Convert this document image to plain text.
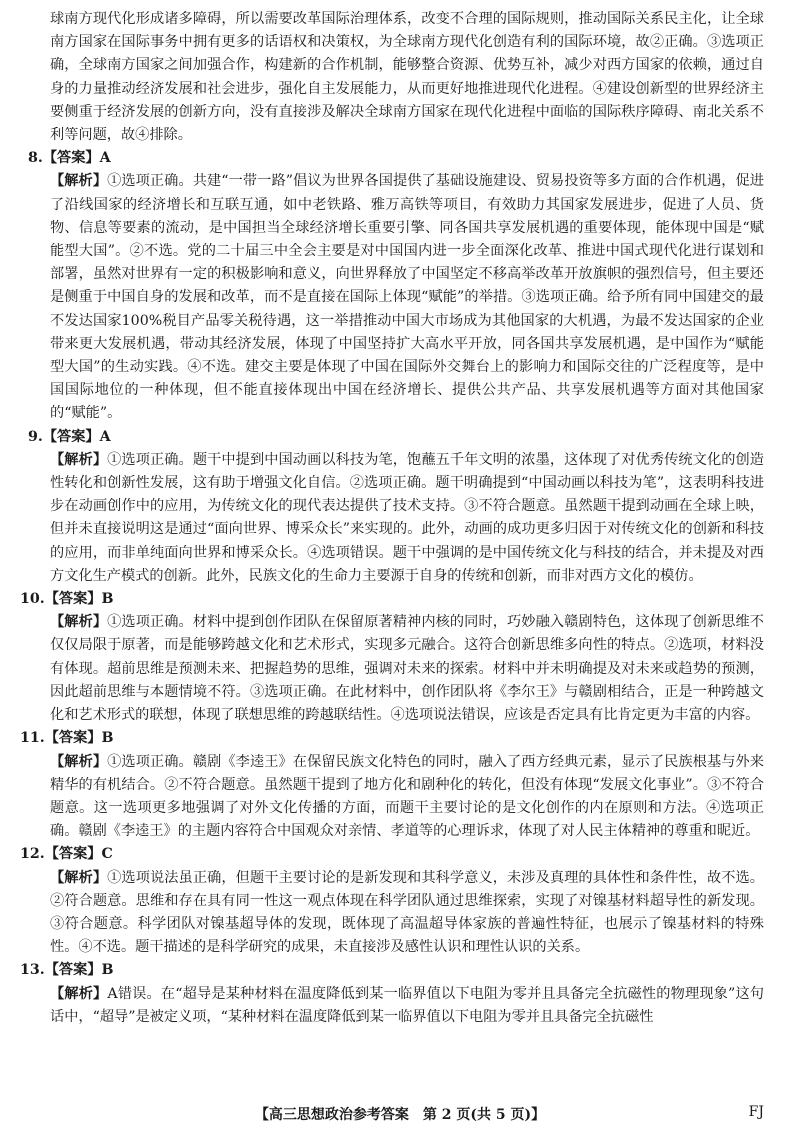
球南方现代化形成诸多障碍，所以需要改革国际治理体系，改变不合理的国际规则，推动国际关系民主化，让全球南方国家在国际事务中拥有更多的话语权和决策权，为全球南方现代化创造有利的国际环境，故②正确。③选项正确，全球南方国家之间加强合作，构建新的合作机制，能够整合资源、优势互补，减少对西方国家的依赖，通过自身的力量推动经济发展和社会进步，强化自主发展能力，从而更好地推进现代化进程。④建设创新型的世界经济主要侧重于经济发展的创新方向，没有直接涉及解决全球南方国家在现代化进程中面临的国际秩序障碍、南北关系不利等问题，故④排除。

8.【答案】A

【解析】①选项正确。共建“一带一路”倡议为世界各国提供了基础设施建设、贸易投资等多方面的合作机遇，促进了沿线国家的经济增长和互联互通，如中老铁路、雅万高铁等项目，有效助力其国家发展进步，促进了人员、货物、信息等要素的流动，是中国担当全球经济增长重要引擎、同各国共享发展机遇的重要体现，能体现中国是“赋能型大国”。②不选。党的二十届三中全会主要是对中国国内进一步全面深化改革、推进中国式现代化进行谋划和部署，虽然对世界有一定的积极影响和意义，向世界释放了中国坚定不移高举改革开放旗帜的强烈信号，但主要还是侧重于中国自身的发展和改革，而不是直接在国际上体现“赋能”的举措。③选项正确。给予所有同中国建交的最不发达国家100%税目产品零关税待遇，这一举措推动中国大市场成为其他国家的大机遇，为最不发达国家的企业带来更大发展机遇，带动其经济发展，体现了中国坚持扩大高水平开放，同各国共享发展机遇，是中国作为“赋能型大国”的生动实践。④不选。建交主要是体现了中国在国际外交舞台上的影响力和国际交往的广泛程度等，是中国国际地位的一种体现，但不能直接体现出中国在经济增长、提供公共产品、共享发展机遇等方面对其他国家的“赋能”。

9.【答案】A

【解析】①选项正确。题干中提到中国动画以科技为笔，饱蘸五千年文明的浓墨，这体现了对优秀传统文化的创造性转化和创新性发展，这有助于增强文化自信。②选项正确。题干明确提到“中国动画以科技为笔”，这表明科技进步在动画创作中的应用，为传统文化的现代表达提供了技术支持。③不符合题意。虽然题干提到动画在全球上映，但并未直接说明这是通过“面向世界、博采众长”来实现的。此外，动画的成功更多归因于对传统文化的创新和科技的应用，而非单纯面向世界和博采众长。④选项错误。题干中强调的是中国传统文化与科技的结合，并未提及对西方文化生产模式的创新。此外，民族文化的生命力主要源于自身的传统和创新，而非对西方文化的模仿。

10.【答案】B

【解析】①选项正确。材料中提到创作团队在保留原著精神内核的同时，巧妙融入赣剧特色，这体现了创新思维不仅仅局限于原著，而是能够跨越文化和艺术形式，实现多元融合。这符合创新思维多向性的特点。②选项，材料没有体现。超前思维是预测未来、把握趋势的思维，强调对未来的探索。材料中并未明确提及对未来或趋势的预测，因此超前思维与本题情境不符。③选项正确。在此材料中，创作团队将《李尔王》与赣剧相结合，正是一种跨越文化和艺术形式的联想，体现了联想思维的跨越联结性。④选项说法错误，应该是否定具有比肯定更为丰富的内容。

11.【答案】B

【解析】①选项正确。赣剧《李逵王》在保留民族文化特色的同时，融入了西方经典元素，显示了民族根基与外来精华的有机结合。②不符合题意。虽然题干提到了地方化和剧种化的转化，但没有体现“发展文化事业”。③不符合题意。这一选项更多地强调了对外文化传播的方面，而题干主要讨论的是文化创作的内在原则和方法。④选项正确。赣剧《李逵王》的主题内容符合中国观众对亲情、孝道等的心理诉求，体现了对人民主体精神的尊重和昵近。

12.【答案】C

【解析】①选项说法虽正确，但题干主要讨论的是新发现和其科学意义，未涉及真理的具体性和条件性，故不选。②符合题意。思维和存在具有同一性这一观点体现在科学团队通过思维探索，实现了对镍基材料超导性的新发现。③符合题意。科学团队对镍基超导体的发现，既体现了高温超导体家族的普遍性特征，也展示了镍基材料的特殊性。④不选。题干描述的是科学研究的成果，未直接涉及感性认识和理性认识的关系。

13.【答案】B

【解析】A错误。在“超导是某种材料在温度降低到某一临界值以下电阻为零并且具备完全抗磁性的物理现象”这句话中，“超导”是被定义项，“某种材料在温度降低到某一临界值以下电阻为零并且具备完全抗磁性

【高三思想政治参考答案　第 2 页(共 5 页)】	FJ
